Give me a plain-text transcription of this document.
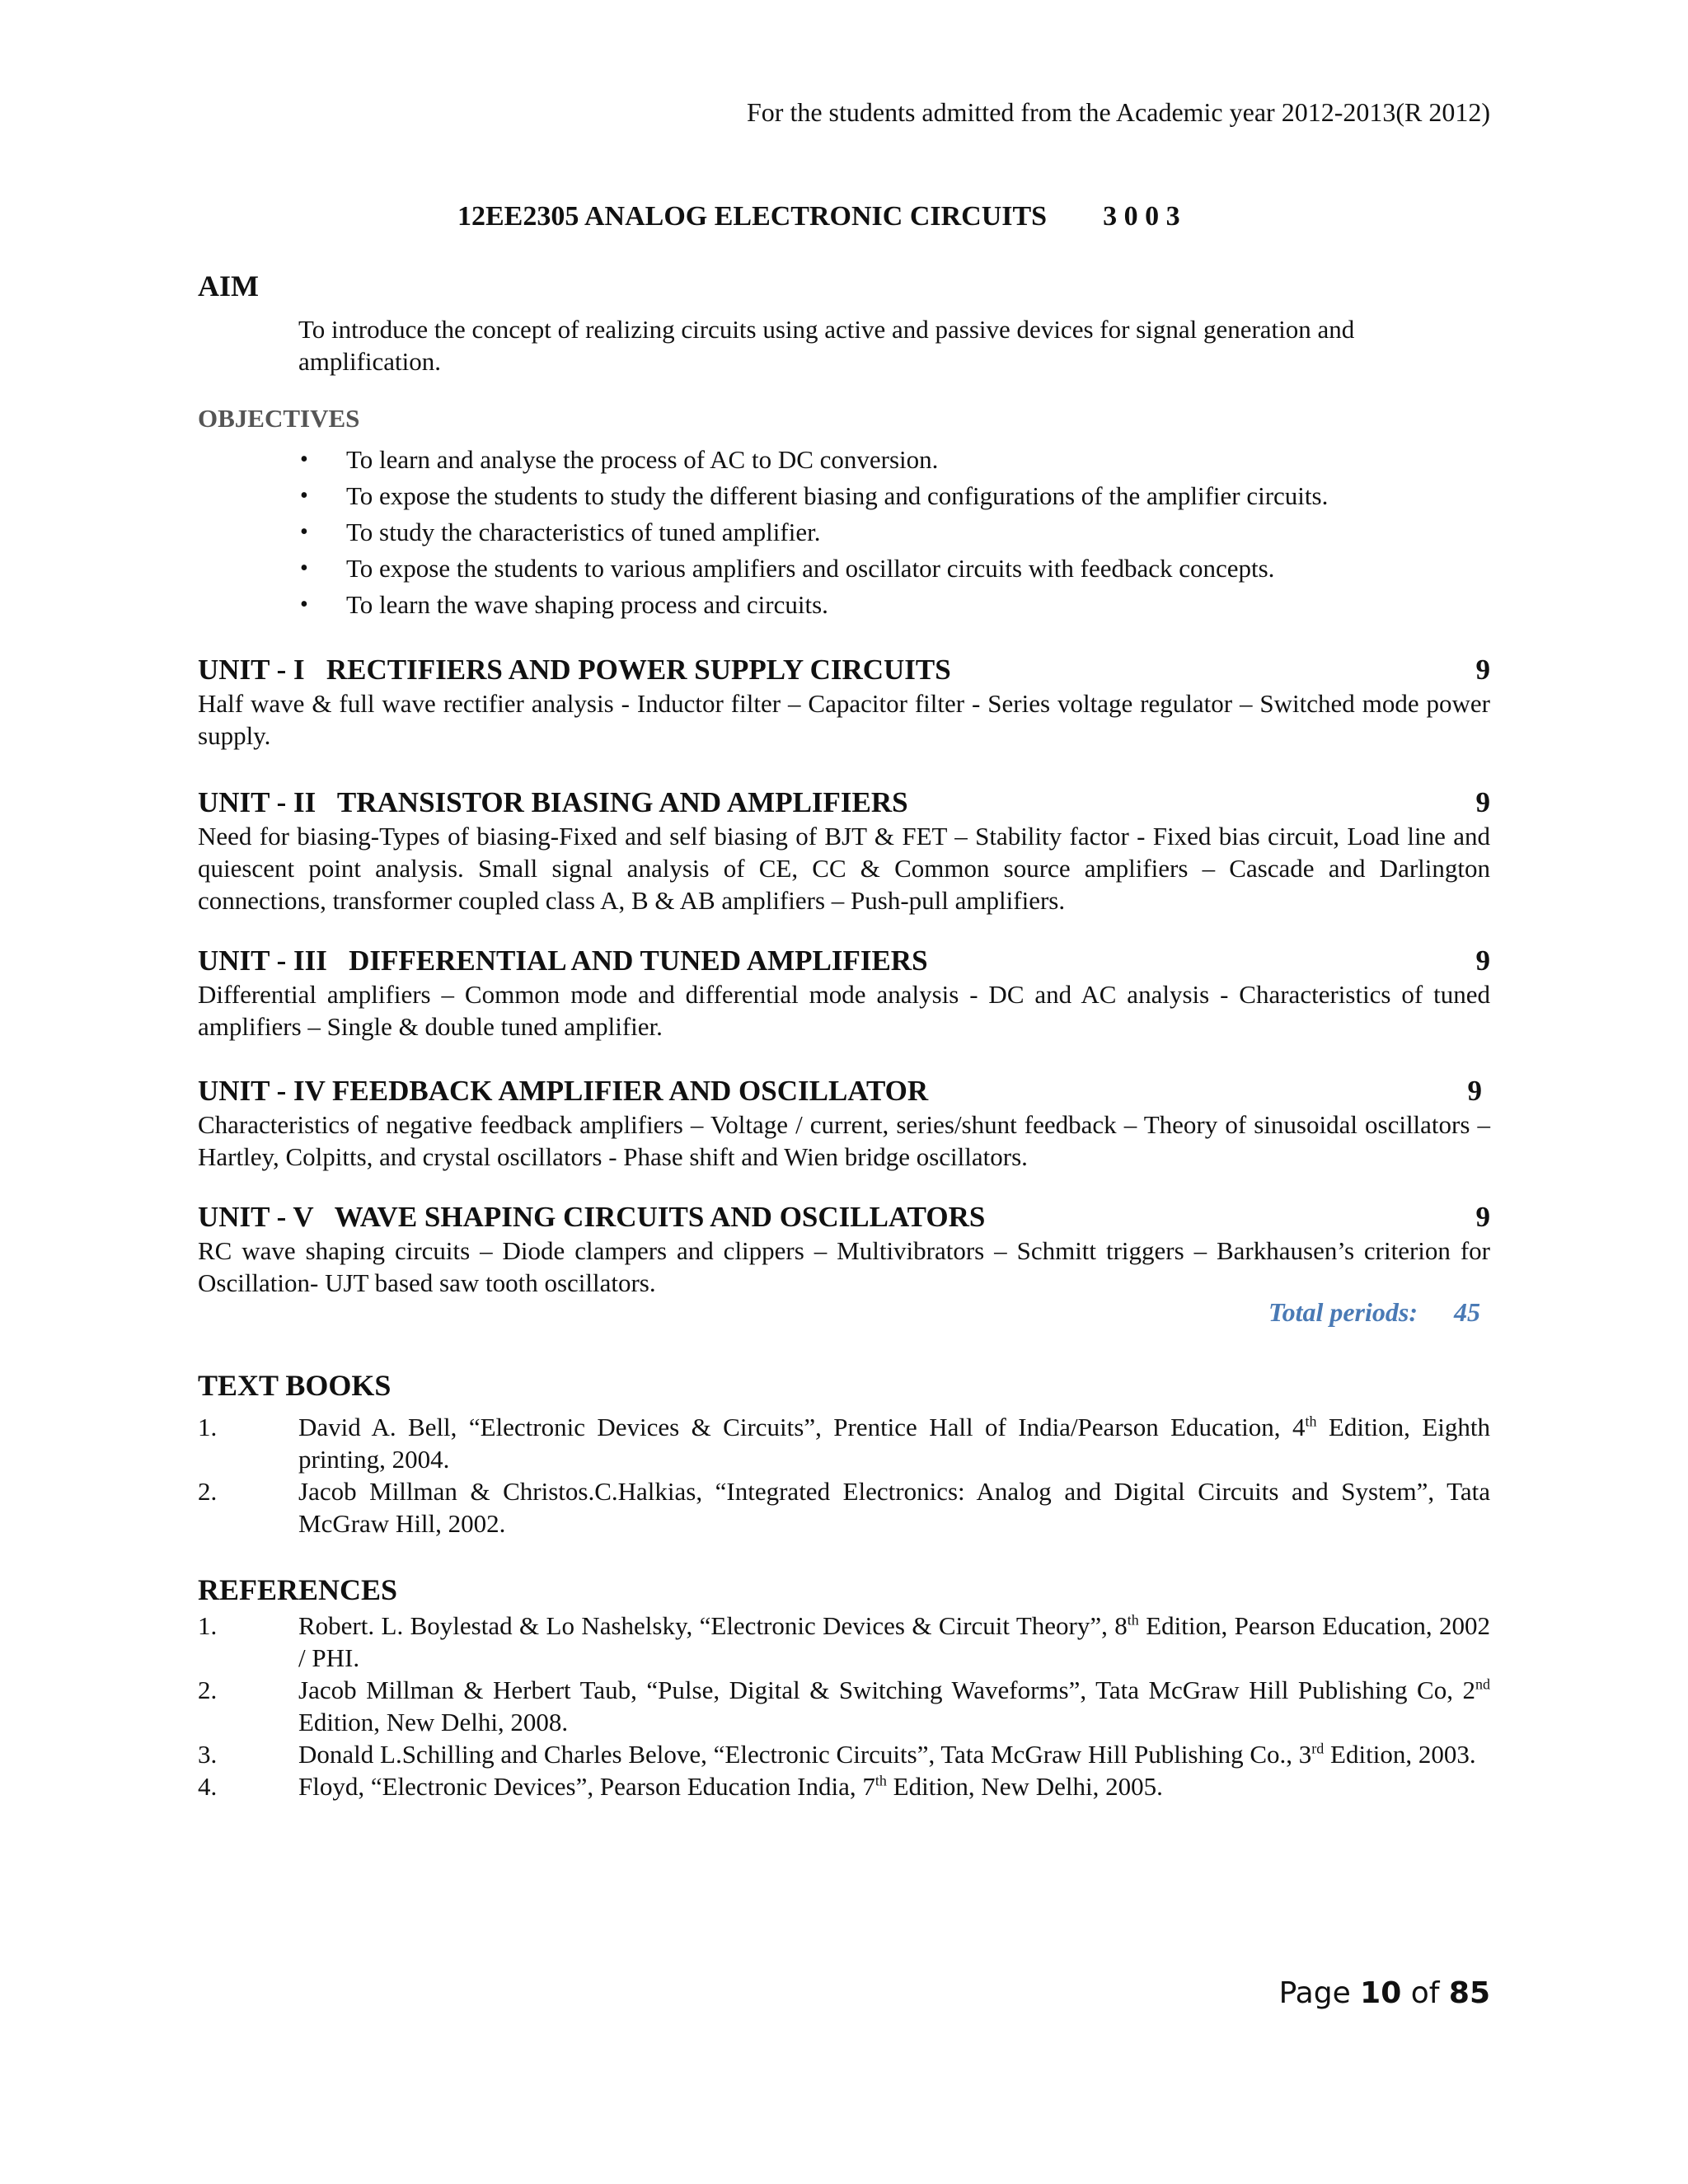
For the students admitted from the Academic year 2012-2013(R 2012)
12EE2305 ANALOG ELECTRONIC CIRCUITS 3 0 0 3
AIM
To introduce the concept of realizing circuits using active and passive devices for signal generation and amplification.
OBJECTIVES
• To learn and analyse the process of AC to DC conversion.
• To expose the students to study the different biasing and configurations of the amplifier circuits.
• To study the characteristics of tuned amplifier.
• To expose the students to various amplifiers and oscillator circuits with feedback concepts.
• To learn the wave shaping process and circuits.
UNIT - I   RECTIFIERS AND POWER SUPPLY CIRCUITS	9
Half wave & full wave rectifier analysis - Inductor filter – Capacitor filter - Series voltage regulator – Switched mode power supply.
UNIT - II   TRANSISTOR BIASING AND AMPLIFIERS	9
Need for biasing-Types of biasing-Fixed and self biasing of BJT & FET – Stability factor - Fixed bias circuit, Load line and quiescent point analysis. Small signal analysis of CE, CC & Common source amplifiers – Cascade and Darlington connections, transformer coupled class A, B & AB amplifiers – Push-pull amplifiers.
UNIT - III   DIFFERENTIAL AND TUNED AMPLIFIERS	9
Differential amplifiers – Common mode and differential mode analysis - DC and AC analysis - Characteristics of tuned amplifiers – Single & double tuned amplifier.
UNIT - IV FEEDBACK AMPLIFIER AND OSCILLATOR	9
Characteristics of negative feedback amplifiers – Voltage / current, series/shunt feedback – Theory of sinusoidal oscillators – Hartley, Colpitts, and crystal oscillators - Phase shift and Wien bridge oscillators.
UNIT - V   WAVE SHAPING CIRCUITS AND OSCILLATORS	9
RC wave shaping circuits – Diode clampers and clippers – Multivibrators – Schmitt triggers – Barkhausen’s criterion for Oscillation- UJT based saw tooth oscillators.
Total periods: 45
TEXT BOOKS
1.	David A. Bell, “Electronic Devices & Circuits”, Prentice Hall of India/Pearson Education, 4th Edition, Eighth printing, 2004.
2.	Jacob Millman & Christos.C.Halkias, “Integrated Electronics: Analog and Digital Circuits and System”, Tata McGraw Hill, 2002.
REFERENCES
1.	Robert. L. Boylestad & Lo Nashelsky, “Electronic Devices & Circuit Theory”, 8th Edition, Pearson Education, 2002 / PHI.
2.	Jacob Millman & Herbert Taub, “Pulse, Digital & Switching Waveforms”, Tata McGraw Hill Publishing Co, 2nd Edition, New Delhi, 2008.
3.	Donald L.Schilling and Charles Belove, “Electronic Circuits”, Tata McGraw Hill Publishing Co., 3rd Edition, 2003.
4.	Floyd, “Electronic Devices”, Pearson Education India, 7th Edition, New Delhi, 2005.
Page 10 of 85
